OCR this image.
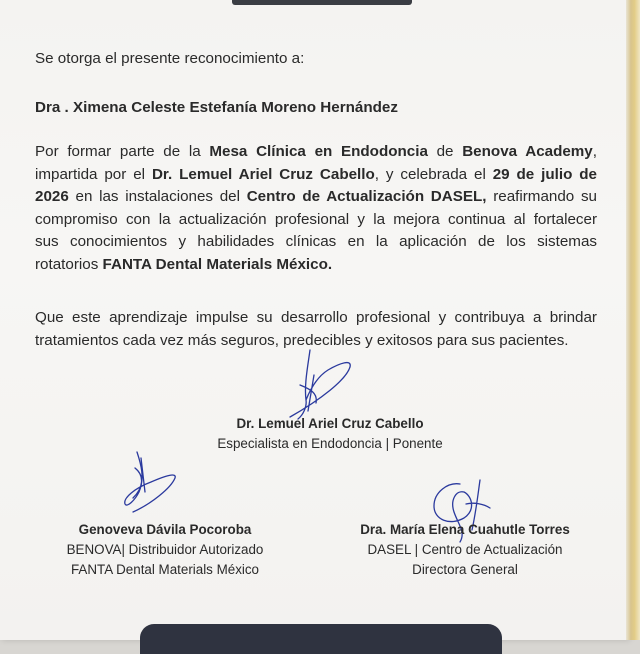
Se otorga el presente reconocimiento a:
Dra . Ximena Celeste Estefanía Moreno Hernández
Por formar parte de la Mesa Clínica en Endodoncia de Benova Academy,
impartida por el Dr. Lemuel Ariel Cruz Cabello, y celebrada el 29 de julio de
2026 en las instalaciones del Centro de Actualización DASEL, reafirmando su
compromiso con la actualización profesional y la mejora continua al fortalecer
sus conocimientos y habilidades clínicas en la aplicación de los sistemas
rotatorios FANTA Dental Materials México.
Que este aprendizaje impulse su desarrollo profesional y contribuya a brindar
tratamientos cada vez más seguros, predecibles y exitosos para sus pacientes.
Dr. Lemuel Ariel Cruz Cabello
Especialista en Endodoncia | Ponente
Genoveva Dávila Pocoroba
BENOVA| Distribuidor Autorizado
FANTA Dental Materials México
Dra. María Elena Cuahutle Torres
DASEL | Centro de Actualización
Directora General
